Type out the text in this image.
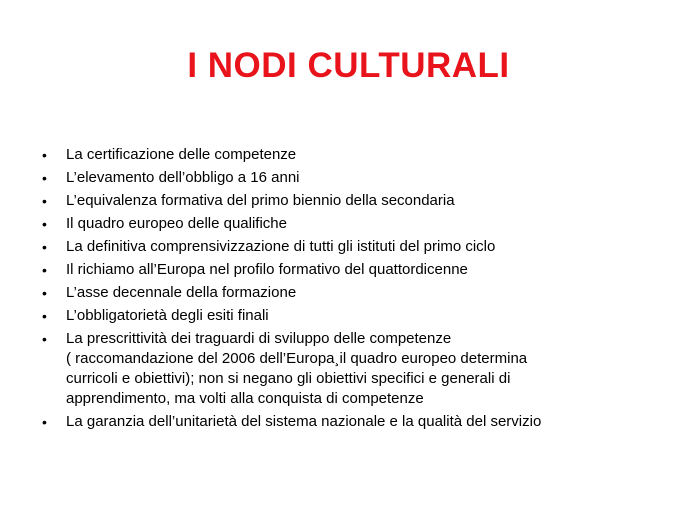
I NODI CULTURALI
• La certificazione delle competenze
• L’elevamento dell’obbligo a 16 anni
• L’equivalenza formativa del primo biennio della secondaria
• Il quadro europeo delle qualifiche
• La definitiva comprensivizzazione di tutti gli istituti del primo ciclo
• Il richiamo all’Europa nel profilo formativo del quattordicenne
• L’asse decennale della formazione
• L’obbligatorietà degli esiti finali
• La prescrittività dei traguardi di sviluppo delle competenze
( raccomandazione del 2006 dell’Europa¸il quadro europeo determina
curricoli e obiettivi); non si negano gli obiettivi specifici e generali di
apprendimento, ma volti alla conquista di competenze
• La garanzia dell’unitarietà del sistema nazionale e la qualità del servizio
